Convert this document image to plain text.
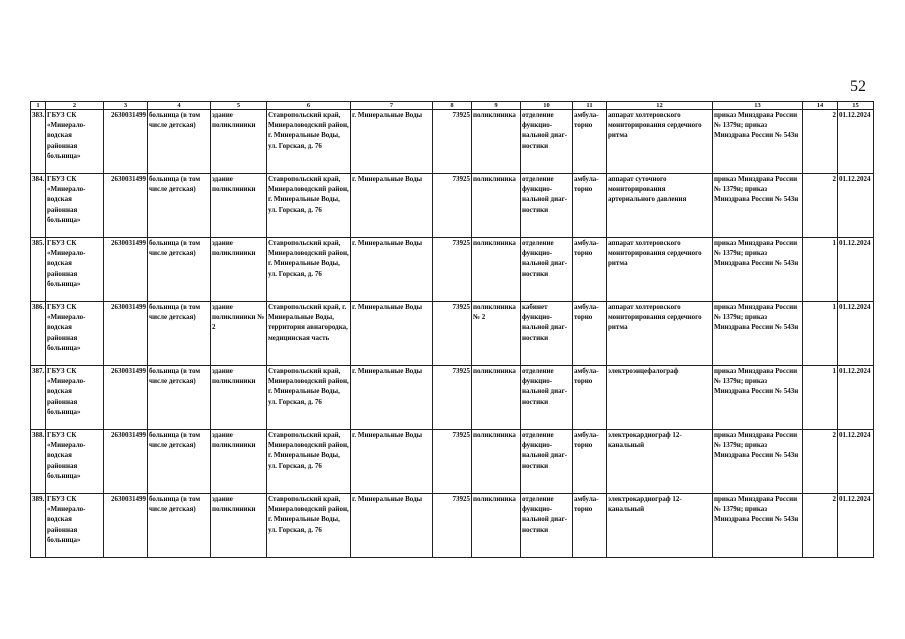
52
1	2	3	4	5	6	7	8	9	10	11	12	13	14	15
383.	ГБУЗ СК «Минерало-водская районная больница»	2630031499	больница (в том числе детская)	здание поликлиники	Ставропольский край, Минераловодский район, г. Минеральные Воды, ул. Горская, д. 76	г. Минеральные Воды	73925	поликлиника	отделение функцио-нальной диаг-ностики	амбула-торно	аппарат холтеровского мониторирования сердечного ритма	приказ Минздрава России № 1379н; приказ Минздрава России № 543н	2	01.12.2024
384.	ГБУЗ СК «Минерало-водская районная больница»	2630031499	больница (в том числе детская)	здание поликлиники	Ставропольский край, Минераловодский район, г. Минеральные Воды, ул. Горская, д. 76	г. Минеральные Воды	73925	поликлиника	отделение функцио-нальной диаг-ностики	амбула-торно	аппарат суточного мониторирования артериального давления	приказ Минздрава России № 1379н; приказ Минздрава России № 543н	2	01.12.2024
385.	ГБУЗ СК «Минерало-водская районная больница»	2630031499	больница (в том числе детская)	здание поликлиники	Ставропольский край, Минераловодский район, г. Минеральные Воды, ул. Горская, д. 76	г. Минеральные Воды	73925	поликлиника	отделение функцио-нальной диаг-ностики	амбула-торно	аппарат холтеровского мониторирования сердечного ритма	приказ Минздрава России № 1379н; приказ Минздрава России № 543н	1	01.12.2024
386.	ГБУЗ СК «Минерало-водская районная больница»	2630031499	больница (в том числе детская)	здание поликлиники № 2	Ставропольский край, г. Минеральные Воды, территория авиагородка, медицинская часть	г. Минеральные Воды	73925	поликлиника № 2	кабинет функцио-нальной диаг-ностики	амбула-торно	аппарат холтеровского мониторирования сердечного ритма	приказ Минздрава России № 1379н; приказ Минздрава России № 543н	1	01.12.2024
387.	ГБУЗ СК «Минерало-водская районная больница»	2630031499	больница (в том числе детская)	здание поликлиники	Ставропольский край, Минераловодский район, г. Минеральные Воды, ул. Горская, д. 76	г. Минеральные Воды	73925	поликлиника	отделение функцио-нальной диаг-ностики	амбула-торно	электроэнцефалограф	приказ Минздрава России № 1379н; приказ Минздрава России № 543н	1	01.12.2024
388.	ГБУЗ СК «Минерало-водская районная больница»	2630031499	больница (в том числе детская)	здание поликлиники	Ставропольский край, Минераловодский район, г. Минеральные Воды, ул. Горская, д. 76	г. Минеральные Воды	73925	поликлиника	отделение функцио-нальной диаг-ностики	амбула-торно	электрокардиограф 12-канальный	приказ Минздрава России № 1379н; приказ Минздрава России № 543н	2	01.12.2024
389.	ГБУЗ СК «Минерало-водская районная больница»	2630031499	больница (в том числе детская)	здание поликлиники	Ставропольский край, Минераловодский район, г. Минеральные Воды, ул. Горская, д. 76	г. Минеральные Воды	73925	поликлиника	отделение функцио-нальной диаг-ностики	амбула-торно	электрокардиограф 12-канальный	приказ Минздрава России № 1379н; приказ Минздрава России № 543н	2	01.12.2024
